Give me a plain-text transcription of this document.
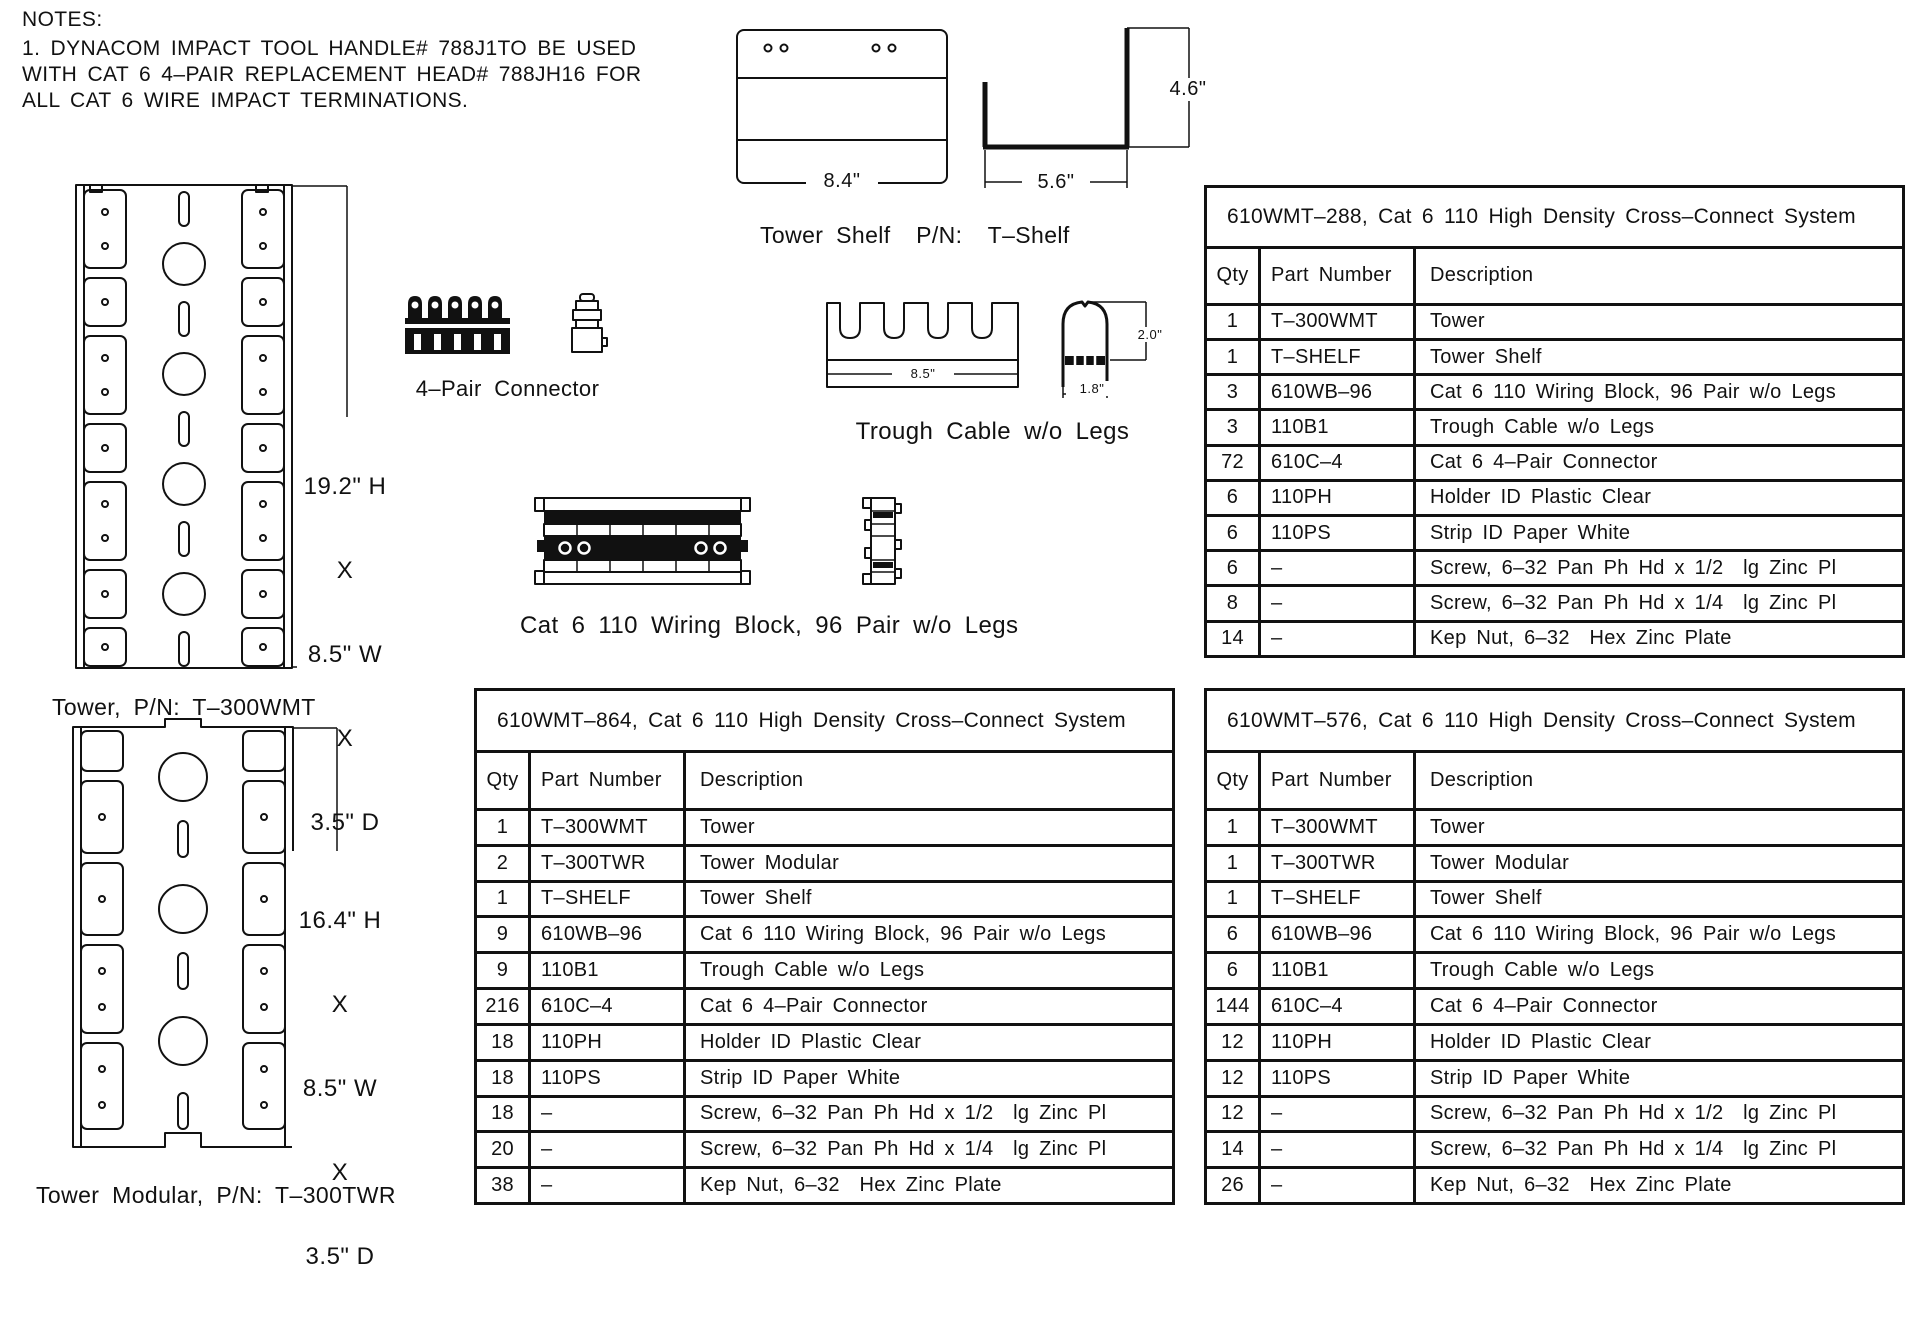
NOTES:
1. DYNACOM IMPACT TOOL HANDLE# 788J1TO BE USED
WITH CAT 6 4–PAIR REPLACEMENT HEAD# 788JH16 FOR
ALL CAT 6 WIRE IMPACT TERMINATIONS.

19.2" H

X

8.5" W

X

3.5" D

Tower, P/N: T–300WMT

16.4" H

X

8.5" W

X

3.5" D

Tower Modular, P/N: T–300TWR
8.4"
4.6"
5.6"
Tower Shelf  P/N:  T–Shelf
4–Pair Connector
8.5"
2.0"
1.8"
Trough Cable w/o Legs
Cat 6 110 Wiring Block, 96 Pair w/o Legs
610WMT–288, Cat 6 110 High Density Cross–Connect System		
Qty	Part Number	Description
1	T–300WMT	Tower
1	T–SHELF	Tower Shelf
3	610WB–96	Cat 6 110 Wiring Block, 96 Pair w/o Legs
3	110B1	Trough Cable w/o Legs
72	610C–4	Cat 6 4–Pair Connector
6	110PH	Holder ID Plastic Clear
6	110PS	Strip ID Paper White
6	–	Screw, 6–32 Pan Ph Hd x 1/2  lg Zinc Pl
8	–	Screw, 6–32 Pan Ph Hd x 1/4  lg Zinc Pl
14	–	Kep Nut, 6–32  Hex Zinc Plate
610WMT–864, Cat 6 110 High Density Cross–Connect System		
Qty	Part Number	Description
1	T–300WMT	Tower
2	T–300TWR	Tower Modular
1	T–SHELF	Tower Shelf
9	610WB–96	Cat 6 110 Wiring Block, 96 Pair w/o Legs
9	110B1	Trough Cable w/o Legs
216	610C–4	Cat 6 4–Pair Connector
18	110PH	Holder ID Plastic Clear
18	110PS	Strip ID Paper White
18	–	Screw, 6–32 Pan Ph Hd x 1/2  lg Zinc Pl
20	–	Screw, 6–32 Pan Ph Hd x 1/4  lg Zinc Pl
38	–	Kep Nut, 6–32  Hex Zinc Plate
610WMT–576, Cat 6 110 High Density Cross–Connect System		
Qty	Part Number	Description
1	T–300WMT	Tower
1	T–300TWR	Tower Modular
1	T–SHELF	Tower Shelf
6	610WB–96	Cat 6 110 Wiring Block, 96 Pair w/o Legs
6	110B1	Trough Cable w/o Legs
144	610C–4	Cat 6 4–Pair Connector
12	110PH	Holder ID Plastic Clear
12	110PS	Strip ID Paper White
12	–	Screw, 6–32 Pan Ph Hd x 1/2  lg Zinc Pl
14	–	Screw, 6–32 Pan Ph Hd x 1/4  lg Zinc Pl
26	–	Kep Nut, 6–32  Hex Zinc Plate
